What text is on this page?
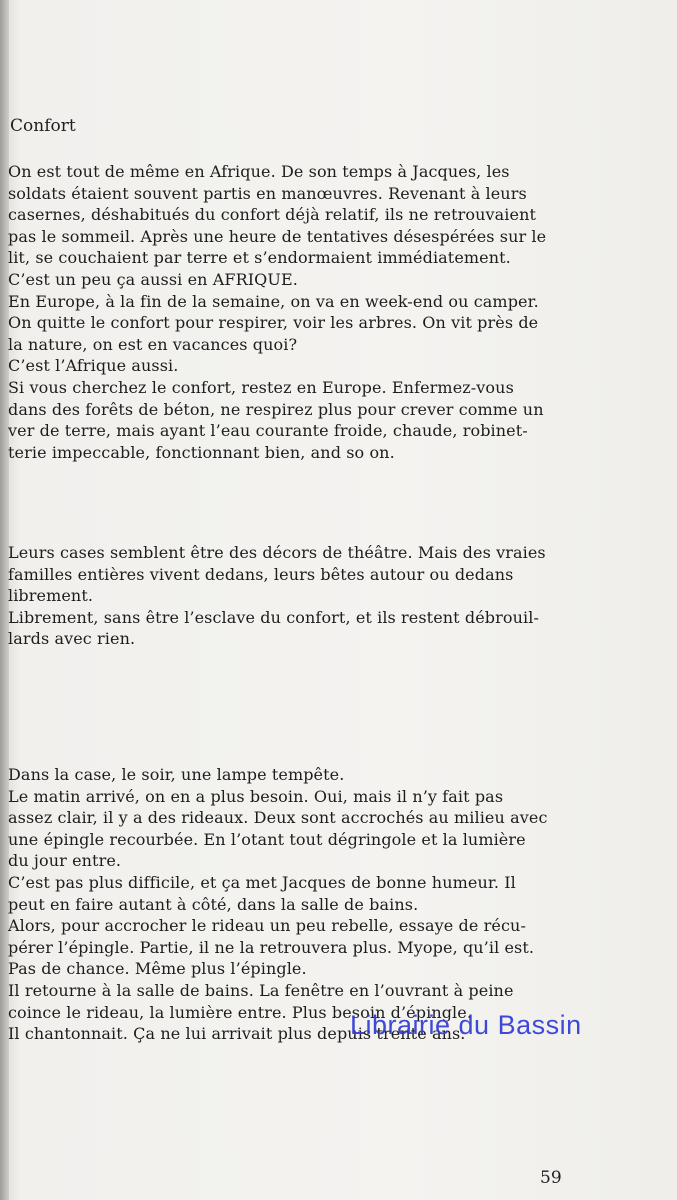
Confort
On est tout de même en Afrique. De son temps à Jacques, les
soldats étaient souvent partis en manœuvres. Revenant à leurs
casernes, déshabitués du confort déjà relatif, ils ne retrouvaient
pas le sommeil. Après une heure de tentatives désespérées sur le
lit, se couchaient par terre et s’endormaient immédiatement.
C’est un peu ça aussi en AFRIQUE.
En Europe, à la fin de la semaine, on va en week-end ou camper.
On quitte le confort pour respirer, voir les arbres. On vit près de
la nature, on est en vacances quoi?
C’est l’Afrique aussi.
Si vous cherchez le confort, restez en Europe. Enfermez-vous
dans des forêts de béton, ne respirez plus pour crever comme un
ver de terre, mais ayant l’eau courante froide, chaude, robinet-
terie impeccable, fonctionnant bien, and so on.
Leurs cases semblent être des décors de théâtre. Mais des vraies
familles entières vivent dedans, leurs bêtes autour ou dedans
librement.
Librement, sans être l’esclave du confort, et ils restent débrouil-
lards avec rien.
Dans la case, le soir, une lampe tempête.
Le matin arrivé, on en a plus besoin. Oui, mais il n’y fait pas
assez clair, il y a des rideaux. Deux sont accrochés au milieu avec
une épingle recourbée. En l’otant tout dégringole et la lumière
du jour entre.
C’est pas plus difficile, et ça met Jacques de bonne humeur. Il
peut en faire autant à côté, dans la salle de bains.
Alors, pour accrocher le rideau un peu rebelle, essaye de récu-
pérer l’épingle. Partie, il ne la retrouvera plus. Myope, qu’il est.
Pas de chance. Même plus l’épingle.
Il retourne à la salle de bains. La fenêtre en l’ouvrant à peine
coince le rideau, la lumière entre. Plus besoin d’épingle.
Il chantonnait. Ça ne lui arrivait plus depuis trente ans.
Librairie du Bassin
59
